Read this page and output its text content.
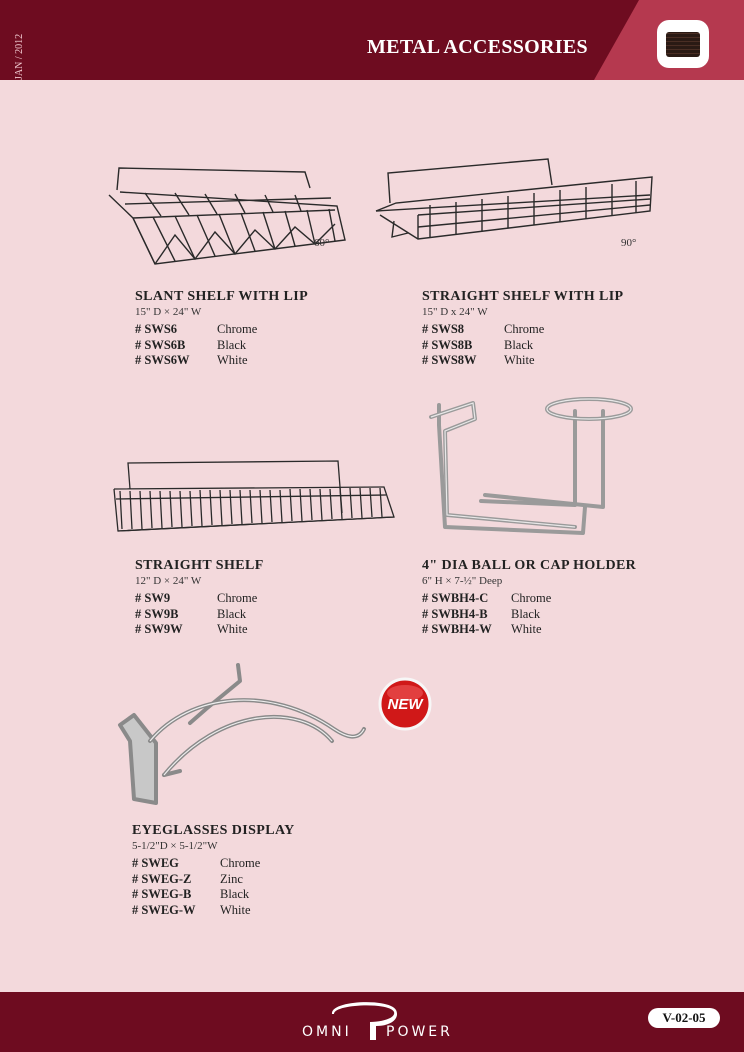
JAN / 2012	METAL ACCESSORIES
60°	90°
NEW
SLANT SHELF WITH LIP
15" D × 24" W
# SWS6	Chrome
# SWS6B	Black
# SWS6W	White
STRAIGHT SHELF WITH LIP
15" D x 24" W
# SWS8	Chrome
# SWS8B	Black
# SWS8W	White
STRAIGHT SHELF
12" D × 24" W
# SW9	Chrome
# SW9B	Black
# SW9W	White
4" DIA BALL OR CAP HOLDER
6" H × 7-½" Deep
# SWBH4-C	Chrome
# SWBH4-B	Black
# SWBH4-W	White
EYEGLASSES DISPLAY
5-1/2"D × 5-1/2"W
# SWEG	Chrome
# SWEG-Z	Zinc
# SWEG-B	Black
# SWEG-W	White
OMNI POWER
V-02-05
